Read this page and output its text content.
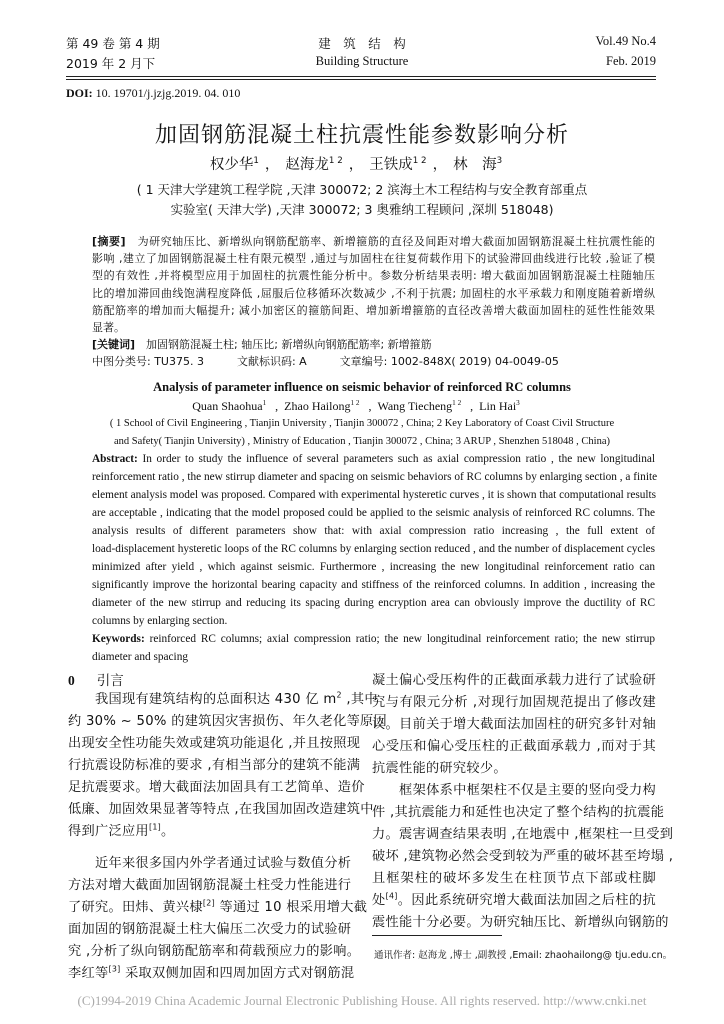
第 49 卷 第 4 期
2019 年 2 月下
建　筑　结　构
Building Structure
Vol.49 No.4
Feb. 2019
DOI: 10. 19701/j.jzjg.2019. 04. 010
加固钢筋混凝土柱抗震性能参数影响分析
权少华$^1$ ， 赵海龙$^{1 2}$ ， 王铁成$^{1 2}$ ， 林　海$^3$
( 1 天津大学建筑工程学院 ,天津 300072; 2 滨海土木工程结构与安全教育部重点
实验室( 天津大学) ,天津 300072; 3 奥雅纳工程顾问 ,深圳 518048)
[摘要]　为研究轴压比、新增纵向钢筋配筋率、新增箍筋的直径及间距对增大截面加固钢筋混凝土柱抗震性能的
影响 ,建立了加固钢筋混凝土柱有限元模型 ,通过与加固柱在往复荷载作用下的试验滞回曲线进行比较 ,验证了模
型的有效性 ,并将模型应用于加固柱的抗震性能分析中。参数分析结果表明: 增大截面加固钢筋混凝土柱随轴压
比的增加滞回曲线饱满程度降低 ,屈服后位移循环次数减少 ,不利于抗震; 加固柱的水平承载力和刚度随着新增纵
筋配筋率的增加而大幅提升; 减小加密区的箍筋间距、增加新增箍筋的直径改善增大截面加固柱的延性性能效果
显著。
[关键词]　加固钢筋混凝土柱; 轴压比; 新增纵向钢筋配筋率; 新增箍筋
中图分类号: TU375. 3　　　文献标识码: A　　　文章编号: 1002-848X( 2019) 04-0049-05
Analysis of parameter influence on seismic behavior of reinforced RC columns
Quan Shaohua$^1$ , Zhao Hailong$^{1 2}$ , Wang Tiecheng$^{1 2}$ , Lin Hai$^3$
( 1 School of Civil Engineering , Tianjin University , Tianjin 300072 , China; 2 Key Laboratory of Coast Civil Structure
and Safety( Tianjin University) , Ministry of Education , Tianjin 300072 , China; 3 ARUP , Shenzhen 518048 , China)
Abstract: In order to study the influence of several parameters such as axial compression ratio , the new longitudinal
reinforcement ratio , the new stirrup diameter and spacing on seismic behaviors of RC columns by enlarging section , a finite
element analysis model was proposed. Compared with experimental hysteretic curves , it is shown that computational results
are acceptable , indicating that the model proposed could be applied to the seismic analysis of reinforced RC columns. The
analysis results of different parameters show that: with axial compression ratio increasing , the full extent of
load-displacement hysteretic loops of the RC columns by enlarging section reduced , and the number of displacement cycles
minimized after yield , which against seismic. Furthermore , increasing the new longitudinal reinforcement ratio can
significantly improve the horizontal bearing capacity and stiffness of the reinforced columns. In addition , increasing the
diameter of the new stirrup and reducing its spacing during encryption area can obviously improve the ductility of RC
columns by enlarging section.
Keywords: reinforced RC columns; axial compression ratio; the new longitudinal reinforcement ratio; the new stirrup
diameter and spacing
0 引言
　　我国现有建筑结构的总面积达 430 亿 $m^2$ ,其中
约 30% ~ 50% 的建筑因灾害损伤、年久老化等原因
出现安全性功能失效或建筑功能退化 ,并且按照现
行抗震设防标准的要求 ,有相当部分的建筑不能满
足抗震要求。增大截面法加固具有工艺简单、造价
低廉、加固效果显著等特点 ,在我国加固改造建筑中
得到广泛应用[1]。
　　近年来很多国内外学者通过试验与数值分析
方法对增大截面加固钢筋混凝土柱受力性能进行
了研究。田炜、黄兴棣[2] 等通过 10 根采用增大截
面加固的钢筋混凝土柱大偏压二次受力的试验研
究 ,分析了纵向钢筋配筋率和荷载预应力的影响。
李红等[3] 采取双侧加固和四周加固方式对钢筋混
凝土偏心受压构件的正截面承载力进行了试验研
究与有限元分析 ,对现行加固规范提出了修改建
议。目前关于增大截面法加固柱的研究多针对轴
心受压和偏心受压柱的正截面承载力 ,而对于其
抗震性能的研究较少。
　　框架体系中框架柱不仅是主要的竖向受力构
件 ,其抗震能力和延性也决定了整个结构的抗震能
力。震害调查结果表明 ,在地震中 ,框架柱一旦受到
破坏 ,建筑物必然会受到较为严重的破坏甚至垮塌 ,
且框架柱的破坏多发生在柱顶节点下部或柱脚
处[4]。因此系统研究增大截面法加固之后柱的抗
震性能十分必要。为研究轴压比、新增纵向钢筋的
通讯作者: 赵海龙 ,博士 ,副教授 ,Email: zhaohailong@ tju.edu.cn。
(C)1994-2019 China Academic Journal Electronic Publishing House. All rights reserved. http://www.cnki.net
